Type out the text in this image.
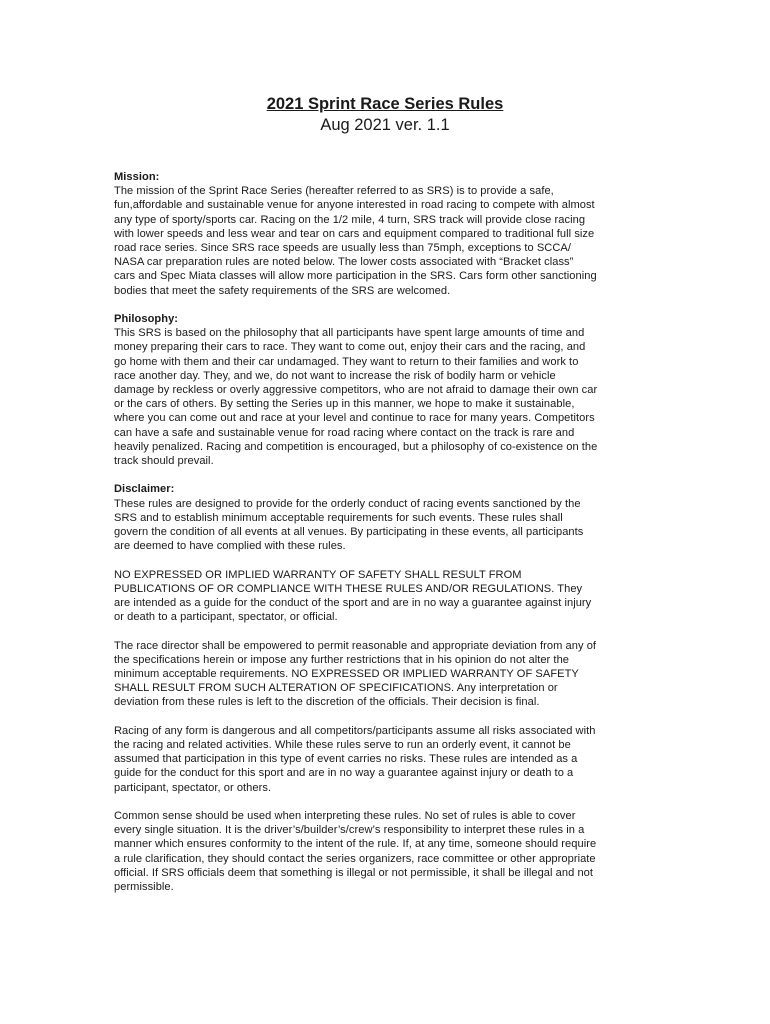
2021 Sprint Race Series Rules
Aug 2021 ver. 1.1

Mission:

The mission of the Sprint Race Series (hereafter referred to as SRS) is to provide a safe,
fun,affordable and sustainable venue for anyone interested in road racing to compete with almost
any type of sporty/sports car. Racing on the 1/2 mile, 4 turn, SRS track will provide close racing
with lower speeds and less wear and tear on cars and equipment compared to traditional full size
road race series. Since SRS race speeds are usually less than 75mph, exceptions to SCCA/
NASA car preparation rules are noted below. The lower costs associated with “Bracket class”
cars and Spec Miata classes will allow more participation in the SRS. Cars form other sanctioning
bodies that meet the safety requirements of the SRS are welcomed.

Philosophy:

This SRS is based on the philosophy that all participants have spent large amounts of time and
money preparing their cars to race. They want to come out, enjoy their cars and the racing, and
go home with them and their car undamaged. They want to return to their families and work to
race another day. They, and we, do not want to increase the risk of bodily harm or vehicle
damage by reckless or overly aggressive competitors, who are not afraid to damage their own car
or the cars of others. By setting the Series up in this manner, we hope to make it sustainable,
where you can come out and race at your level and continue to race for many years. Competitors
can have a safe and sustainable venue for road racing where contact on the track is rare and
heavily penalized. Racing and competition is encouraged, but a philosophy of co-existence on the
track should prevail.

Disclaimer:

These rules are designed to provide for the orderly conduct of racing events sanctioned by the
SRS and to establish minimum acceptable requirements for such events. These rules shall
govern the condition of all events at all venues. By participating in these events, all participants
are deemed to have complied with these rules.

NO EXPRESSED OR IMPLIED WARRANTY OF SAFETY SHALL RESULT FROM
PUBLICATIONS OF OR COMPLIANCE WITH THESE RULES AND/OR REGULATIONS. They
are intended as a guide for the conduct of the sport and are in no way a guarantee against injury
or death to a participant, spectator, or official.

The race director shall be empowered to permit reasonable and appropriate deviation from any of
the specifications herein or impose any further restrictions that in his opinion do not alter the
minimum acceptable requirements. NO EXPRESSED OR IMPLIED WARRANTY OF SAFETY
SHALL RESULT FROM SUCH ALTERATION OF SPECIFICATIONS. Any interpretation or
deviation from these rules is left to the discretion of the officials. Their decision is final.

Racing of any form is dangerous and all competitors/participants assume all risks associated with
the racing and related activities. While these rules serve to run an orderly event, it cannot be
assumed that participation in this type of event carries no risks. These rules are intended as a
guide for the conduct for this sport and are in no way a guarantee against injury or death to a
participant, spectator, or others.

Common sense should be used when interpreting these rules. No set of rules is able to cover
every single situation. It is the driver’s/builder’s/crew’s responsibility to interpret these rules in a
manner which ensures conformity to the intent of the rule. If, at any time, someone should require
a rule clarification, they should contact the series organizers, race committee or other appropriate
official. If SRS officials deem that something is illegal or not permissible, it shall be illegal and not
permissible.
